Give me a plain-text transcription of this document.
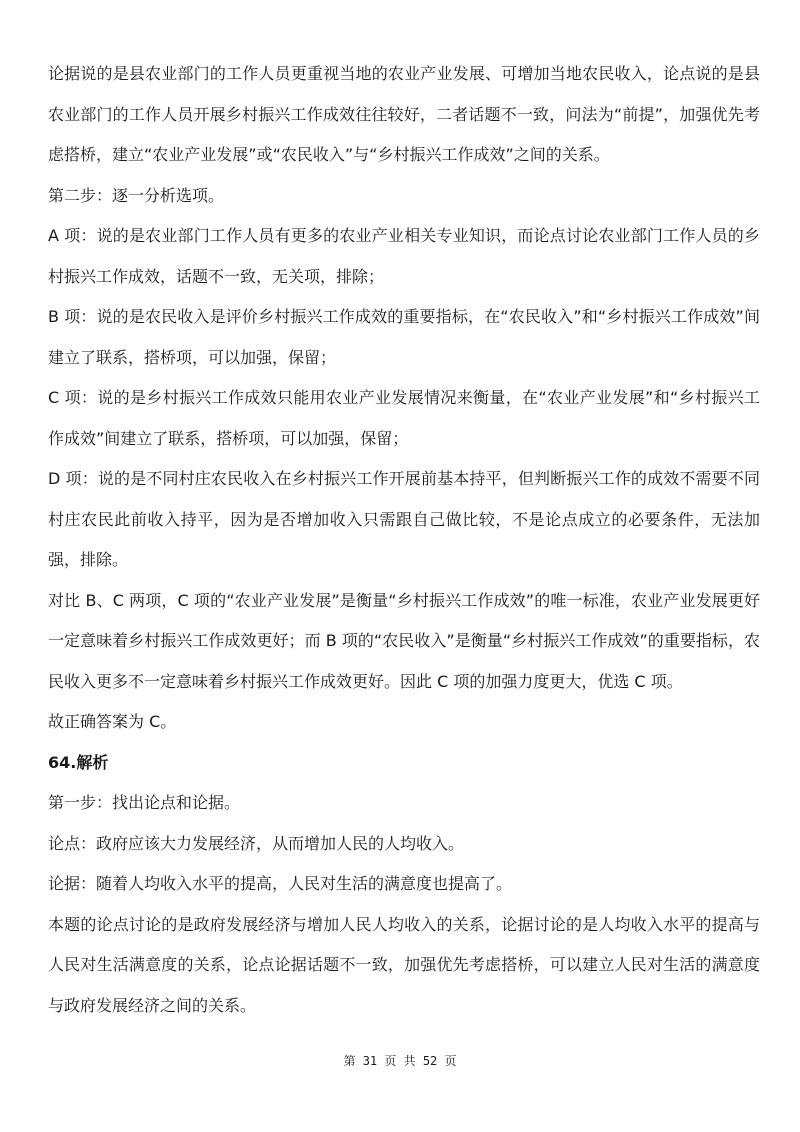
论据说的是县农业部门的工作人员更重视当地的农业产业发展、可增加当地农民收入，论点说的是县农业部门的工作人员开展乡村振兴工作成效往往较好，二者话题不一致，问法为“前提”，加强优先考虑搭桥，建立“农业产业发展”或“农民收入”与“乡村振兴工作成效”之间的关系。

第二步：逐一分析选项。

A 项：说的是农业部门工作人员有更多的农业产业相关专业知识，而论点讨论农业部门工作人员的乡村振兴工作成效，话题不一致，无关项，排除；

B 项：说的是农民收入是评价乡村振兴工作成效的重要指标，在“农民收入”和“乡村振兴工作成效”间建立了联系，搭桥项，可以加强，保留；

C 项：说的是乡村振兴工作成效只能用农业产业发展情况来衡量，在“农业产业发展”和“乡村振兴工作成效”间建立了联系，搭桥项，可以加强，保留；

D 项：说的是不同村庄农民收入在乡村振兴工作开展前基本持平，但判断振兴工作的成效不需要不同村庄农民此前收入持平，因为是否增加收入只需跟自己做比较，不是论点成立的必要条件，无法加强，排除。

对比 B、C 两项，C 项的“农业产业发展”是衡量“乡村振兴工作成效”的唯一标准，农业产业发展更好一定意味着乡村振兴工作成效更好；而 B 项的“农民收入”是衡量“乡村振兴工作成效”的重要指标，农民收入更多不一定意味着乡村振兴工作成效更好。因此 C 项的加强力度更大，优选 C 项。

故正确答案为 C。

64.解析

第一步：找出论点和论据。

论点：政府应该大力发展经济，从而增加人民的人均收入。

论据：随着人均收入水平的提高，人民对生活的满意度也提高了。

本题的论点讨论的是政府发展经济与增加人民人均收入的关系，论据讨论的是人均收入水平的提高与人民对生活满意度的关系，论点论据话题不一致，加强优先考虑搭桥，可以建立人民对生活的满意度与政府发展经济之间的关系。

第 31 页 共 52 页
